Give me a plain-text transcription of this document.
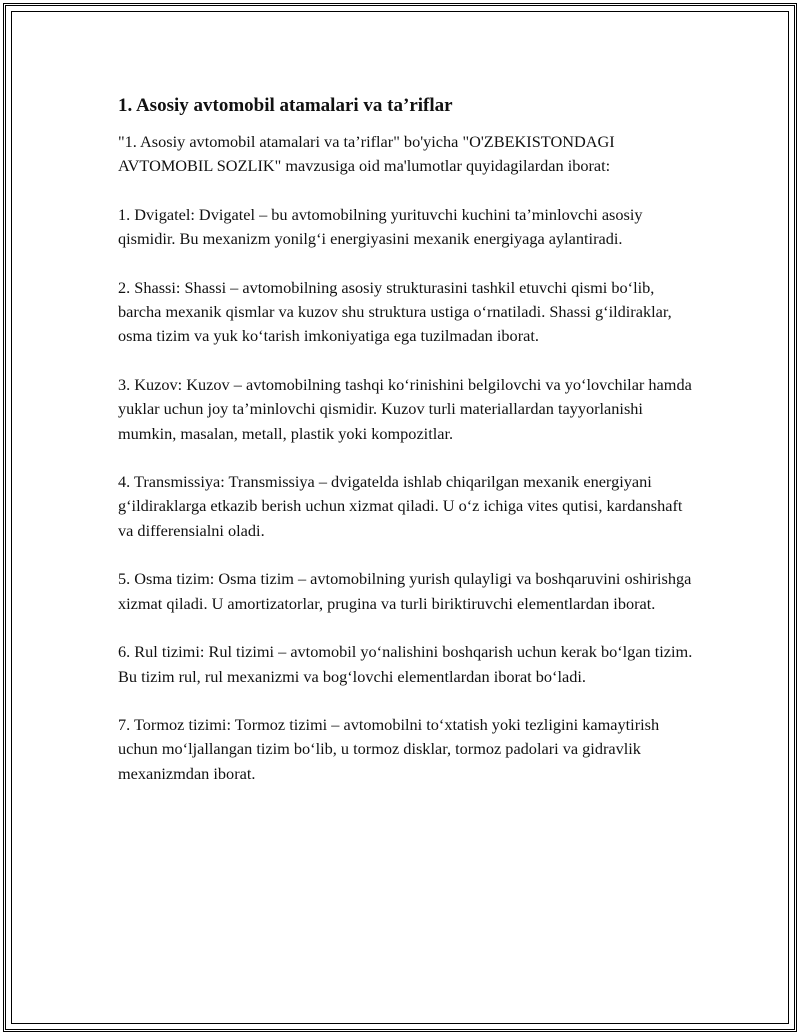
1. Asosiy avtomobil atamalari va ta’riflar

"1. Asosiy avtomobil atamalari va ta’riflar" bo'yicha "O'ZBEKISTONDAGI AVTOMOBIL SOZLIK" mavzusiga oid ma'lumotlar quyidagilardan iborat:

1. Dvigatel: Dvigatel – bu avtomobilning yurituvchi kuchini ta’minlovchi asosiy qismidir. Bu mexanizm yonilg‘i energiyasini mexanik energiyaga aylantiradi.

2. Shassi: Shassi – avtomobilning asosiy strukturasini tashkil etuvchi qismi bo‘lib, barcha mexanik qismlar va kuzov shu struktura ustiga o‘rnatiladi. Shassi g‘ildiraklar, osma tizim va yuk ko‘tarish imkoniyatiga ega tuzilmadan iborat.

3. Kuzov: Kuzov – avtomobilning tashqi ko‘rinishini belgilovchi va yo‘lovchilar hamda yuklar uchun joy ta’minlovchi qismidir. Kuzov turli materiallardan tayyorlanishi mumkin, masalan, metall, plastik yoki kompozitlar.

4. Transmissiya: Transmissiya – dvigatelda ishlab chiqarilgan mexanik energiyani g‘ildiraklarga etkazib berish uchun xizmat qiladi. U o‘z ichiga vites qutisi, kardanshaft va differensialni oladi.

5. Osma tizim: Osma tizim – avtomobilning yurish qulayligi va boshqaruvini oshirishga xizmat qiladi. U amortizatorlar, prugina va turli biriktiruvchi elementlardan iborat.

6. Rul tizimi: Rul tizimi – avtomobil yo‘nalishini boshqarish uchun kerak bo‘lgan tizim. Bu tizim rul, rul mexanizmi va bog‘lovchi elementlardan iborat bo‘ladi.

7. Tormoz tizimi: Tormoz tizimi – avtomobilni to‘xtatish yoki tezligini kamaytirish uchun mo‘ljallangan tizim bo‘lib, u tormoz disklar, tormoz padolari va gidravlik mexanizmdan iborat.
